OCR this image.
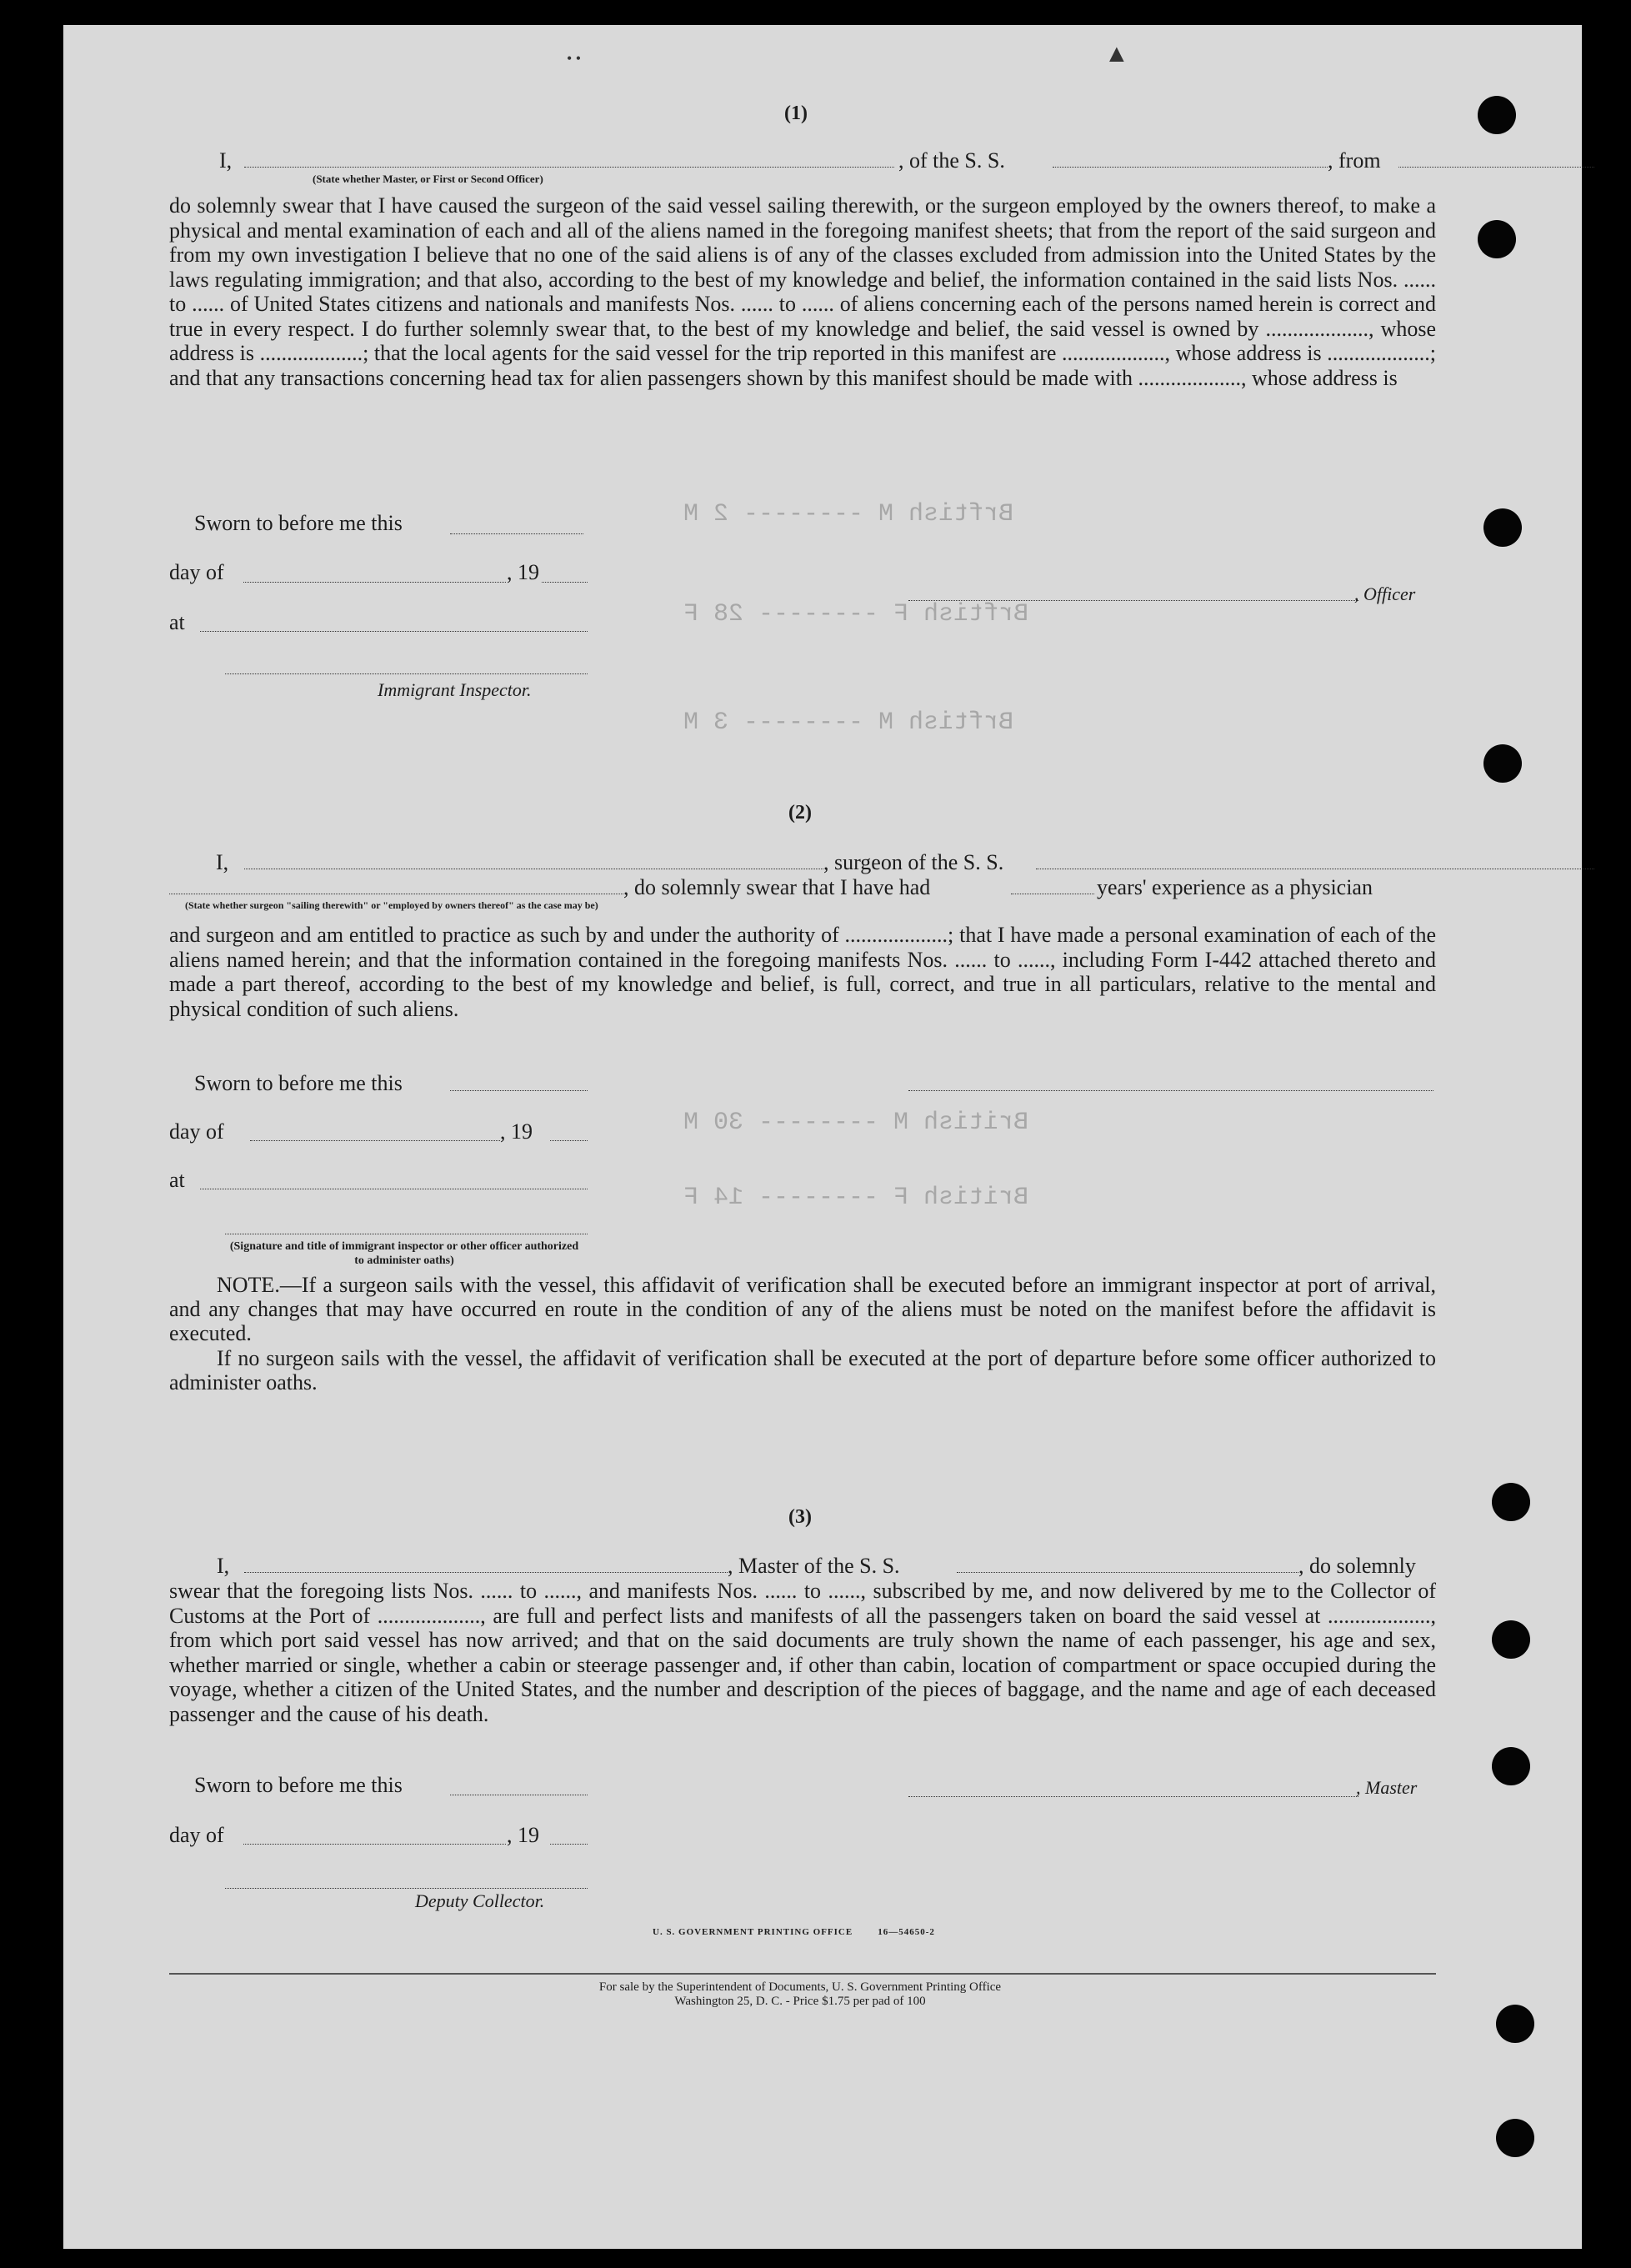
Brftish M -------- 2 M
Brftish F -------- 28 F
Brftish M -------- 3 M
British M -------- 30 M
British F -------- 14 F
(1)
I,	, of the S. S.	, from
(State whether Master, or First or Second Officer)

do solemnly swear that I have caused the surgeon of the said vessel sailing therewith, or the surgeon employed by the owners thereof, to make a physical and mental examination of each and all of the aliens named in the foregoing manifest sheets; that from the report of the said surgeon and from my own investigation I believe that no one of the said aliens is of any of the classes excluded from admission into the United States by the laws regulating immigration; and that also, according to the best of my knowledge and belief, the information contained in the said lists Nos. ...... to ...... of United States citizens and nationals and manifests Nos. ...... to ...... of aliens concerning each of the persons named herein is correct and true in every respect. I do further solemnly swear that, to the best of my knowledge and belief, the said vessel is owned by ..................., whose address is ...................; that the local agents for the said vessel for the trip reported in this manifest are ..................., whose address is ...................; and that any transactions concerning head tax for alien passengers shown by this manifest should be made with ..................., whose address is

Sworn to before me this
day of	, 19
at
Immigrant Inspector.
, Officer
(2)
I,	, surgeon of the S. S.
, do solemnly swear that I have had	years' experience as a physician
(State whether surgeon "sailing therewith" or "employed by owners thereof" as the case may be)

and surgeon and am entitled to practice as such by and under the authority of ...................; that I have made a personal examination of each of the aliens named herein; and that the information contained in the foregoing manifests Nos. ...... to ......, including Form I-442 attached thereto and made a part thereof, according to the best of my knowledge and belief, is full, correct, and true in all particulars, relative to the mental and physical condition of such aliens.

Sworn to before me this
day of	, 19
at
(Signature and title of immigrant inspector or other officer authorized to administer oaths)

NOTE.—If a surgeon sails with the vessel, this affidavit of verification shall be executed before an immigrant inspector at port of arrival, and any changes that may have occurred en route in the condition of any of the aliens must be noted on the manifest before the affidavit is executed.

If no surgeon sails with the vessel, the affidavit of verification shall be executed at the port of departure before some officer authorized to administer oaths.

(3)
I,	, Master of the S. S.	, do solemnly

swear that the foregoing lists Nos. ...... to ......, and manifests Nos. ...... to ......, subscribed by me, and now delivered by me to the Collector of Customs at the Port of ..................., are full and perfect lists and manifests of all the passengers taken on board the said vessel at ..................., from which port said vessel has now arrived; and that on the said documents are truly shown the name of each passenger, his age and sex, whether married or single, whether a cabin or steerage passenger and, if other than cabin, location of compartment or space occupied during the voyage, whether a citizen of the United States, and the number and description of the pieces of baggage, and the name and age of each deceased passenger and the cause of his death.

Sworn to before me this
day of	, 19
Deputy Collector.
, Master
U. S. GOVERNMENT PRINTING OFFICE        16—54650-2
For sale by the Superintendent of Documents, U. S. Government Printing Office
Washington 25, D. C. - Price $1.75 per pad of 100
▲
• •
